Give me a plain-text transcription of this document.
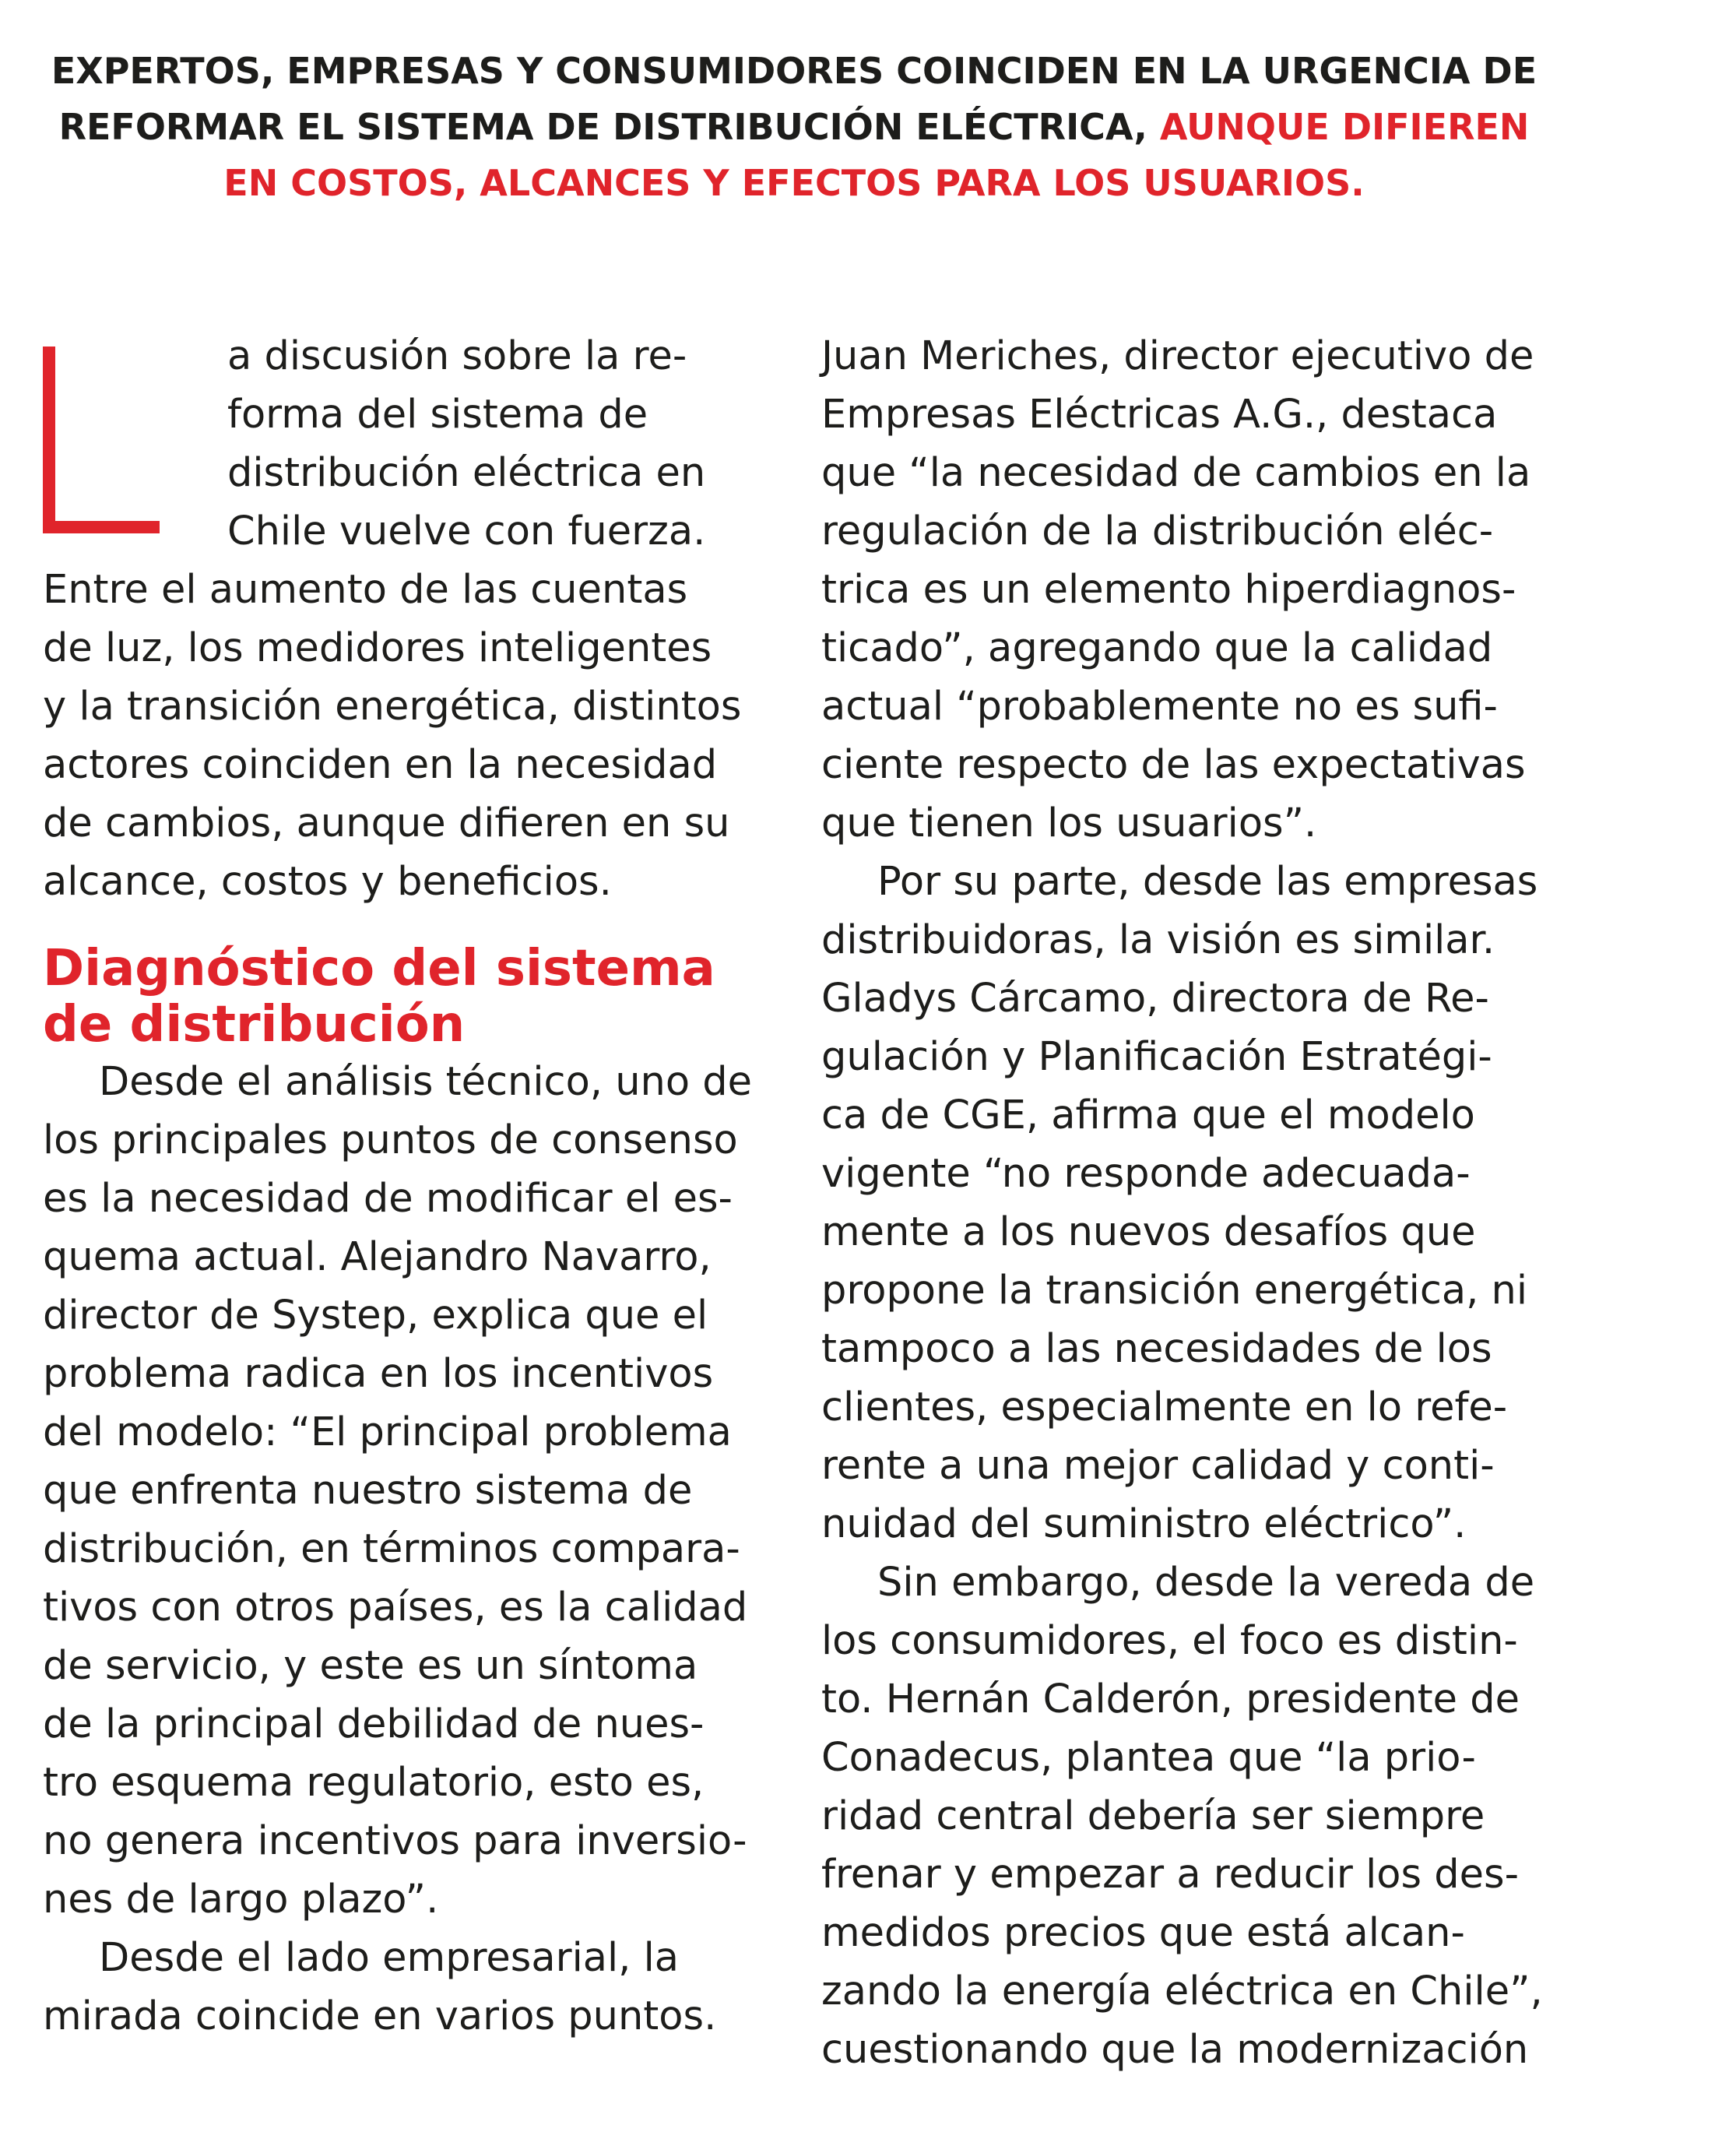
EXPERTOS, EMPRESAS Y CONSUMIDORES COINCIDEN EN LA URGENCIA DE REFORMAR EL SISTEMA DE DISTRIBUCIÓN ELÉCTRICA, AUNQUE DIFIEREN EN COSTOS, ALCANCES Y EFECTOS PARA LOS USUARIOS.
a discusión sobre la re-
forma del sistema de
distribución eléctrica en
Chile vuelve con fuerza.
Entre el aumento de las cuentas
de luz, los medidores inteligentes
y la transición energética, distintos
actores coinciden en la necesidad
de cambios, aunque difieren en su
alcance, costos y beneficios.
Diagnóstico del sistema
de distribución
Desde el análisis técnico, uno de
los principales puntos de consenso
es la necesidad de modificar el es-
quema actual. Alejandro Navarro,
director de Systep, explica que el
problema radica en los incentivos
del modelo: “El principal problema
que enfrenta nuestro sistema de
distribución, en términos compara-
tivos con otros países, es la calidad
de servicio, y este es un síntoma
de la principal debilidad de nues-
tro esquema regulatorio, esto es,
no genera incentivos para inversio-
nes de largo plazo”.
Desde el lado empresarial, la
mirada coincide en varios puntos.
Juan Meriches, director ejecutivo de
Empresas Eléctricas A.G., destaca
que “la necesidad de cambios en la
regulación de la distribución eléc-
trica es un elemento hiperdiagnos-
ticado”, agregando que la calidad
actual “probablemente no es sufi-
ciente respecto de las expectativas
que tienen los usuarios”.
Por su parte, desde las empresas
distribuidoras, la visión es similar.
Gladys Cárcamo, directora de Re-
gulación y Planificación Estratégi-
ca de CGE, afirma que el modelo
vigente “no responde adecuada-
mente a los nuevos desafíos que
propone la transición energética, ni
tampoco a las necesidades de los
clientes, especialmente en lo refe-
rente a una mejor calidad y conti-
nuidad del suministro eléctrico”.
Sin embargo, desde la vereda de
los consumidores, el foco es distin-
to. Hernán Calderón, presidente de
Conadecus, plantea que “la prio-
ridad central debería ser siempre
frenar y empezar a reducir los des-
medidos precios que está alcan-
zando la energía eléctrica en Chile”,
cuestionando que la modernización
